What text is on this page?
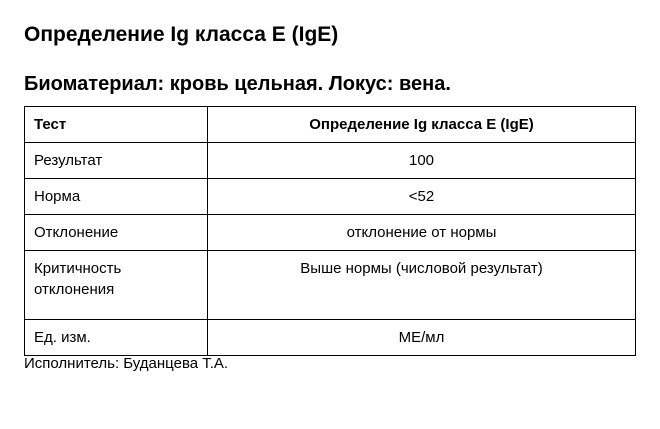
Определение Ig класса E (IgE)
Биоматериал: кровь цельная. Локус: вена.
Тест	Определение Ig класса E (IgE)
Результат	100
Норма	<52
Отклонение	отклонение от нормы
Критичность отклонения	Выше нормы (числовой результат)
Ед. изм.	МЕ/мл
Исполнитель: Буданцева Т.А.
